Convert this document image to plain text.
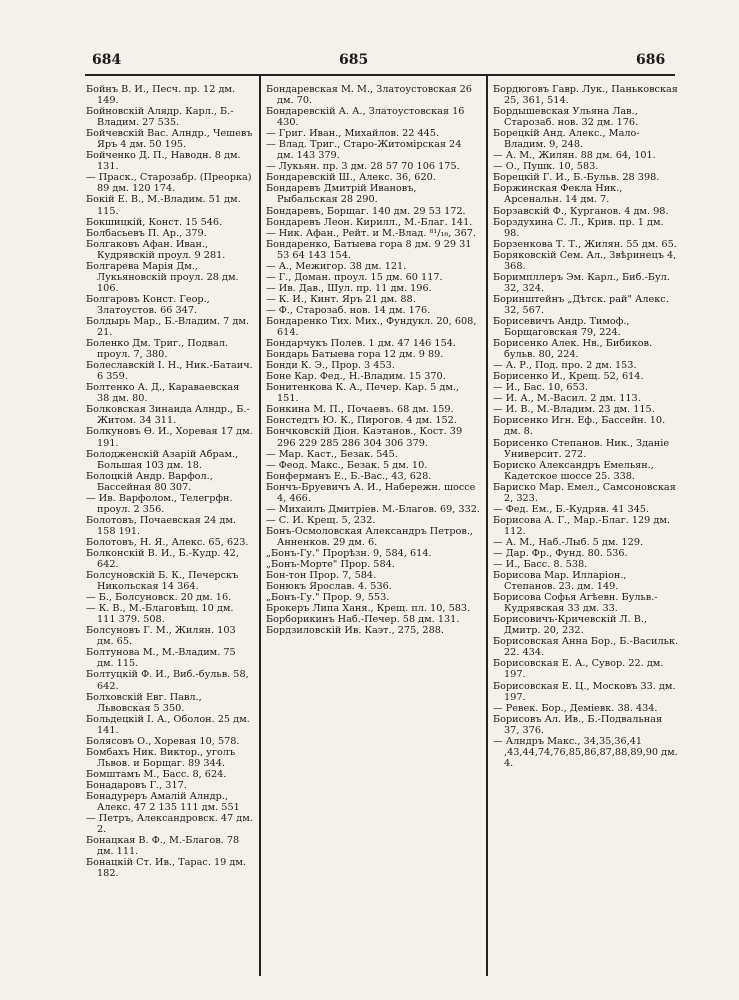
684	685	686

Бойнъ В. И., Песч. пр. 12 дм. 149.

Бойновскій Алядр. Карл., Б.-Владим. 27 535.

Бойчевскій Вас. Алндр., Чешевъ Яръ 4 дм. 50 195.

Бойченко Д. П., Наводн. 8 дм. 131.

— Праск., Старозабр. (Преорка) 89 дм. 120 174.

Бокій Е. В., М.-Владим. 51 дм. 115.

Бокшицкій, Конст. 15 546.

Болбасьевъ П. Ар., 379.

Болгаковъ Афан. Иван., Кудрявскій проул. 9 281.

Болгарева Марія Дм., Лукьяновскій проул. 28 дм. 106.

Болгаровъ Конст. Геор., Златоустов. 66 347.

Болдырь Мар., Б.-Владим. 7 дм. 21.

Боленко Дм. Триг., Подвал. проул. 7, 380.

Болеславскій І. Н., Ник.-Батаич. 6 359.

Болтенко А. Д., Караваевская 38 дм. 80.

Болковская Зинаида Алндр., Б.-Житом. 34 311.

Болкуновъ Ө. И., Хоревая 17 дм. 191.

Болодженскій Азарій Абрам., Большая 103 дм. 18.

Болоцкій Андр. Варфол., Бассейная 80 307.

— Ив. Варфолом., Телегрфн. проул. 2 356.

Болотовъ, Почаевская 24 дм. 158 191.

Болотовъ, Н. Я., Алекс. 65, 623.

Болконскій В. И., Б.-Кудр. 42, 642.

Болсуновскій Б. К., Печерскъ Никольская 14 364.

— Б., Болсуновск. 20 дм. 16.

— К. В., М.-Благовѣщ. 10 дм. 111 379. 508.

Болсуновъ Г. М., Жилян. 103 дм. 65.

Болтунова М., М.-Владим. 75 дм. 115.

Болтуцкій Ф. И., Виб.-бульв. 58, 642.

Болховскій Евг. Павл., Львовская 5 350.

Больдецкій І. А., Оболон. 25 дм. 141.

Болясовъ О., Хоревая 10, 578.

Бомбахъ Ник. Виктор., уголъ Львов. и Борщаг. 89 344.

Бомштамъ М., Басс. 8, 624.

Бонадаровъ Г., 317.

Бонадуреръ Амалій Алндр., Алекс. 47 2 135 111 дм. 551

— Петръ, Александровск. 47 дм. 2.

Бонацкая В. Ф., М.-Благов. 78 дм. 111.

Бонацкій Ст. Ив., Тарас. 19 дм. 182.

Бондаревская М. М., Златоустовская 26 дм. 70.

Бондаревскій А. А., Златоустовская 16 430.

— Григ. Иван., Михайлов. 22 445.

— Влад. Триг., Старо-Житомірская 24 дм. 143 379.

— Лукьян. пр. 3 дм. 28 57 70 106 175.

Бондаревскій Ш., Алекс. 36, 620.

Бондаревъ Дмитрій Ивановъ, Рыбальская 28 290.

Бондаревъ, Борщаг. 140 дм. 29 53 172.

Бондаревъ Леон. Кирилл., М.-Благ. 141.

— Ник. Афан., Рейт. и М.-Влад. ⁸¹/₁₆, 367.

Бондаренко, Батыева гора 8 дм. 9 29 31 53 64 143 154.

— А., Межигор. 38 дм. 121.

— Г., Доман. проул. 15 дм. 60 117.

— Ив. Дав., Шул. пр. 11 дм. 196.

— К. И., Кинт. Яръ 21 дм. 88.

— Ф., Старозаб. нов. 14 дм. 176.

Бондаренко Тих. Мих., Фундукл. 20, 608, 614.

Бондарчукъ Полев. 1 дм. 47 146 154.

Бондарь Батыева гора 12 дм. 9 89.

Бонди К. Э., Прор. 3 453.

Боне Кар. Фед., Н.-Владим. 15 370.

Бонитенкова К. А., Печер. Кар. 5 дм., 151.

Бонкина М. П., Почаевъ. 68 дм. 159.

Бонстедтъ Ю. К., Пирогов. 4 дм. 152.

Бончковскій Діон. Каэтанов., Кост. 39 296 229 285 286 304 306 379.

— Мар. Каст., Безак. 545.

— Феод. Макс., Безак. 5 дм. 10.

Бонферманъ Е., Б.-Вас., 43, 628.

Бончъ-Бруевичъ А. И., Набережн. шоссе 4, 466.

— Михаилъ Дмитріев. М.-Благов. 69, 332.

— С. И. Крещ. 5, 232.

Бонъ-Осмоловская Александръ Петров., Анненков. 29 дм. 6.

„Бонъ-Гу." Прорѣзн. 9, 584, 614.

„Бонъ-Морте" Прор. 584.

Бон-тон Прор. 7, 584.

Бонюкъ Ярослав. 4. 536.

„Бонъ-Гу." Прор. 9, 553.

Брокеръ Липа Ханя., Крещ. пл. 10, 583.

Борборикинъ Наб.-Печер. 58 дм. 131.

Бордзиловскій Ив. Каэт., 275, 288.

Бордюговъ Гавр. Лук., Паньковская 25, 361, 514.

Бордышевская Ульяна Лав., Старозаб. нов. 32 дм. 176.

Борецкій Анд. Алекс., Мало-Владим. 9, 248.

— А. М., Жилян. 88 дм. 64, 101.

— О., Пушк. 10, 583.

Борецкій Г. И., Б.-Бульв. 28 398.

Боржинская Феклa Ник., Арсенальн. 14 дм. 7.

Борзавскій Ф., Курганов. 4 дм. 98.

Борздухина С. Л., Крив. пр. 1 дм. 98.

Борзенкова Т. Т., Жилян. 55 дм. 65.

Боряковскій Сем. Ал., Звѣринецъ 4, 368.

Боримпллеръ Эм. Карл., Биб.-Бул. 32, 324.

Боринштейнъ „Дѣтск. рай" Алекс. 32, 567.

Борисевичъ Андр. Тимоф., Борщаговская 79, 224.

Борисенко Алек. Нв., Бибиков. бульв. 80, 224.

— А. Р., Под. про. 2 дм. 153.

Борисенко И., Крещ. 52, 614.

— И., Бас. 10, 653.

— И. А., М.-Васил. 2 дм. 113.

— И. В., М.-Владим. 23 дм. 115.

Борисенко Игн. Еф., Бассейн. 10. дм. 8.

Борисенко Степанов. Ник., Зданіе Университ. 272.

Бориско Александръ Емельян., Кадетское шоссе 25. 338.

Бариско Мар. Емел., Самсоновская 2, 323.

— Фед. Ем., Б.-Кудряв. 41 345.

Борисова А. Г., Мар.-Благ. 129 дм. 112.

— А. М., Наб.-Лыб. 5 дм. 129.

— Дар. Фр., Фунд. 80. 536.

— И., Басс. 8. 538.

Борисова Мар. Илларіон., Степанов. 23. дм. 149.

Борисова Софья Агѣевн. Бульв.-Кудрявская 33 дм. 33.

Борисовичъ-Кричевскій Л. В., Дмитр. 20, 232.

Борисовская Анна Бор., Б.-Васильк. 22. 434.

Борисовская Е. А., Сувор. 22. дм. 197.

Борисовская Е. Ц., Московъ 33. дм. 197.

— Ревек. Бор., Деміевк. 38. 434.

Борисовъ Ал. Ив., Б.-Подвальная 37, 376.

— Алндръ Макс., 34,35,36,41 ,43,44,74,76,85,86,87,88,89,90 дм. 4.
